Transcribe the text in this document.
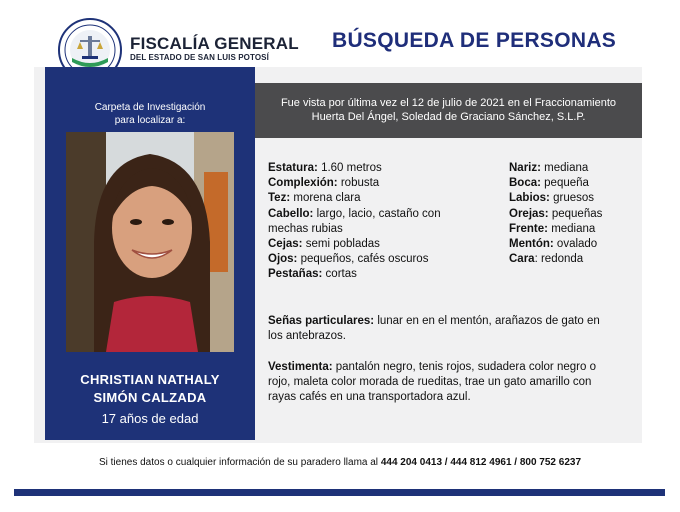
FISCALÍA GENERAL
DEL ESTADO DE SAN LUIS POTOSÍ
BÚSQUEDA DE PERSONAS
Carpeta de Investigación
para localizar a:
CHRISTIAN NATHALY
SIMÓN CALZADA
17 años de edad
Fue vista por última vez el 12 de julio de 2021 en el Fraccionamiento
Huerta Del Ángel, Soledad de Graciano Sánchez, S.L.P.
Estatura: 1.60 metros
Complexión: robusta
Tez: morena clara
Cabello: largo, lacio, castaño con
mechas rubias
Cejas: semi pobladas
Ojos: pequeños, cafés oscuros
Pestañas: cortas
Nariz: mediana
Boca: pequeña
Labios: gruesos
Orejas: pequeñas
Frente: mediana
Mentón: ovalado
Cara: redonda
Señas particulares: lunar en en el mentón, arañazos de gato en
los antebrazos.
Vestimenta: pantalón negro, tenis rojos, sudadera color negro o
rojo, maleta color morada de rueditas, trae un gato amarillo con
rayas cafés en una transportadora azul.
Si tienes datos o cualquier información de su paradero llama al 444 204 0413 / 444 812 4961 / 800 752 6237
